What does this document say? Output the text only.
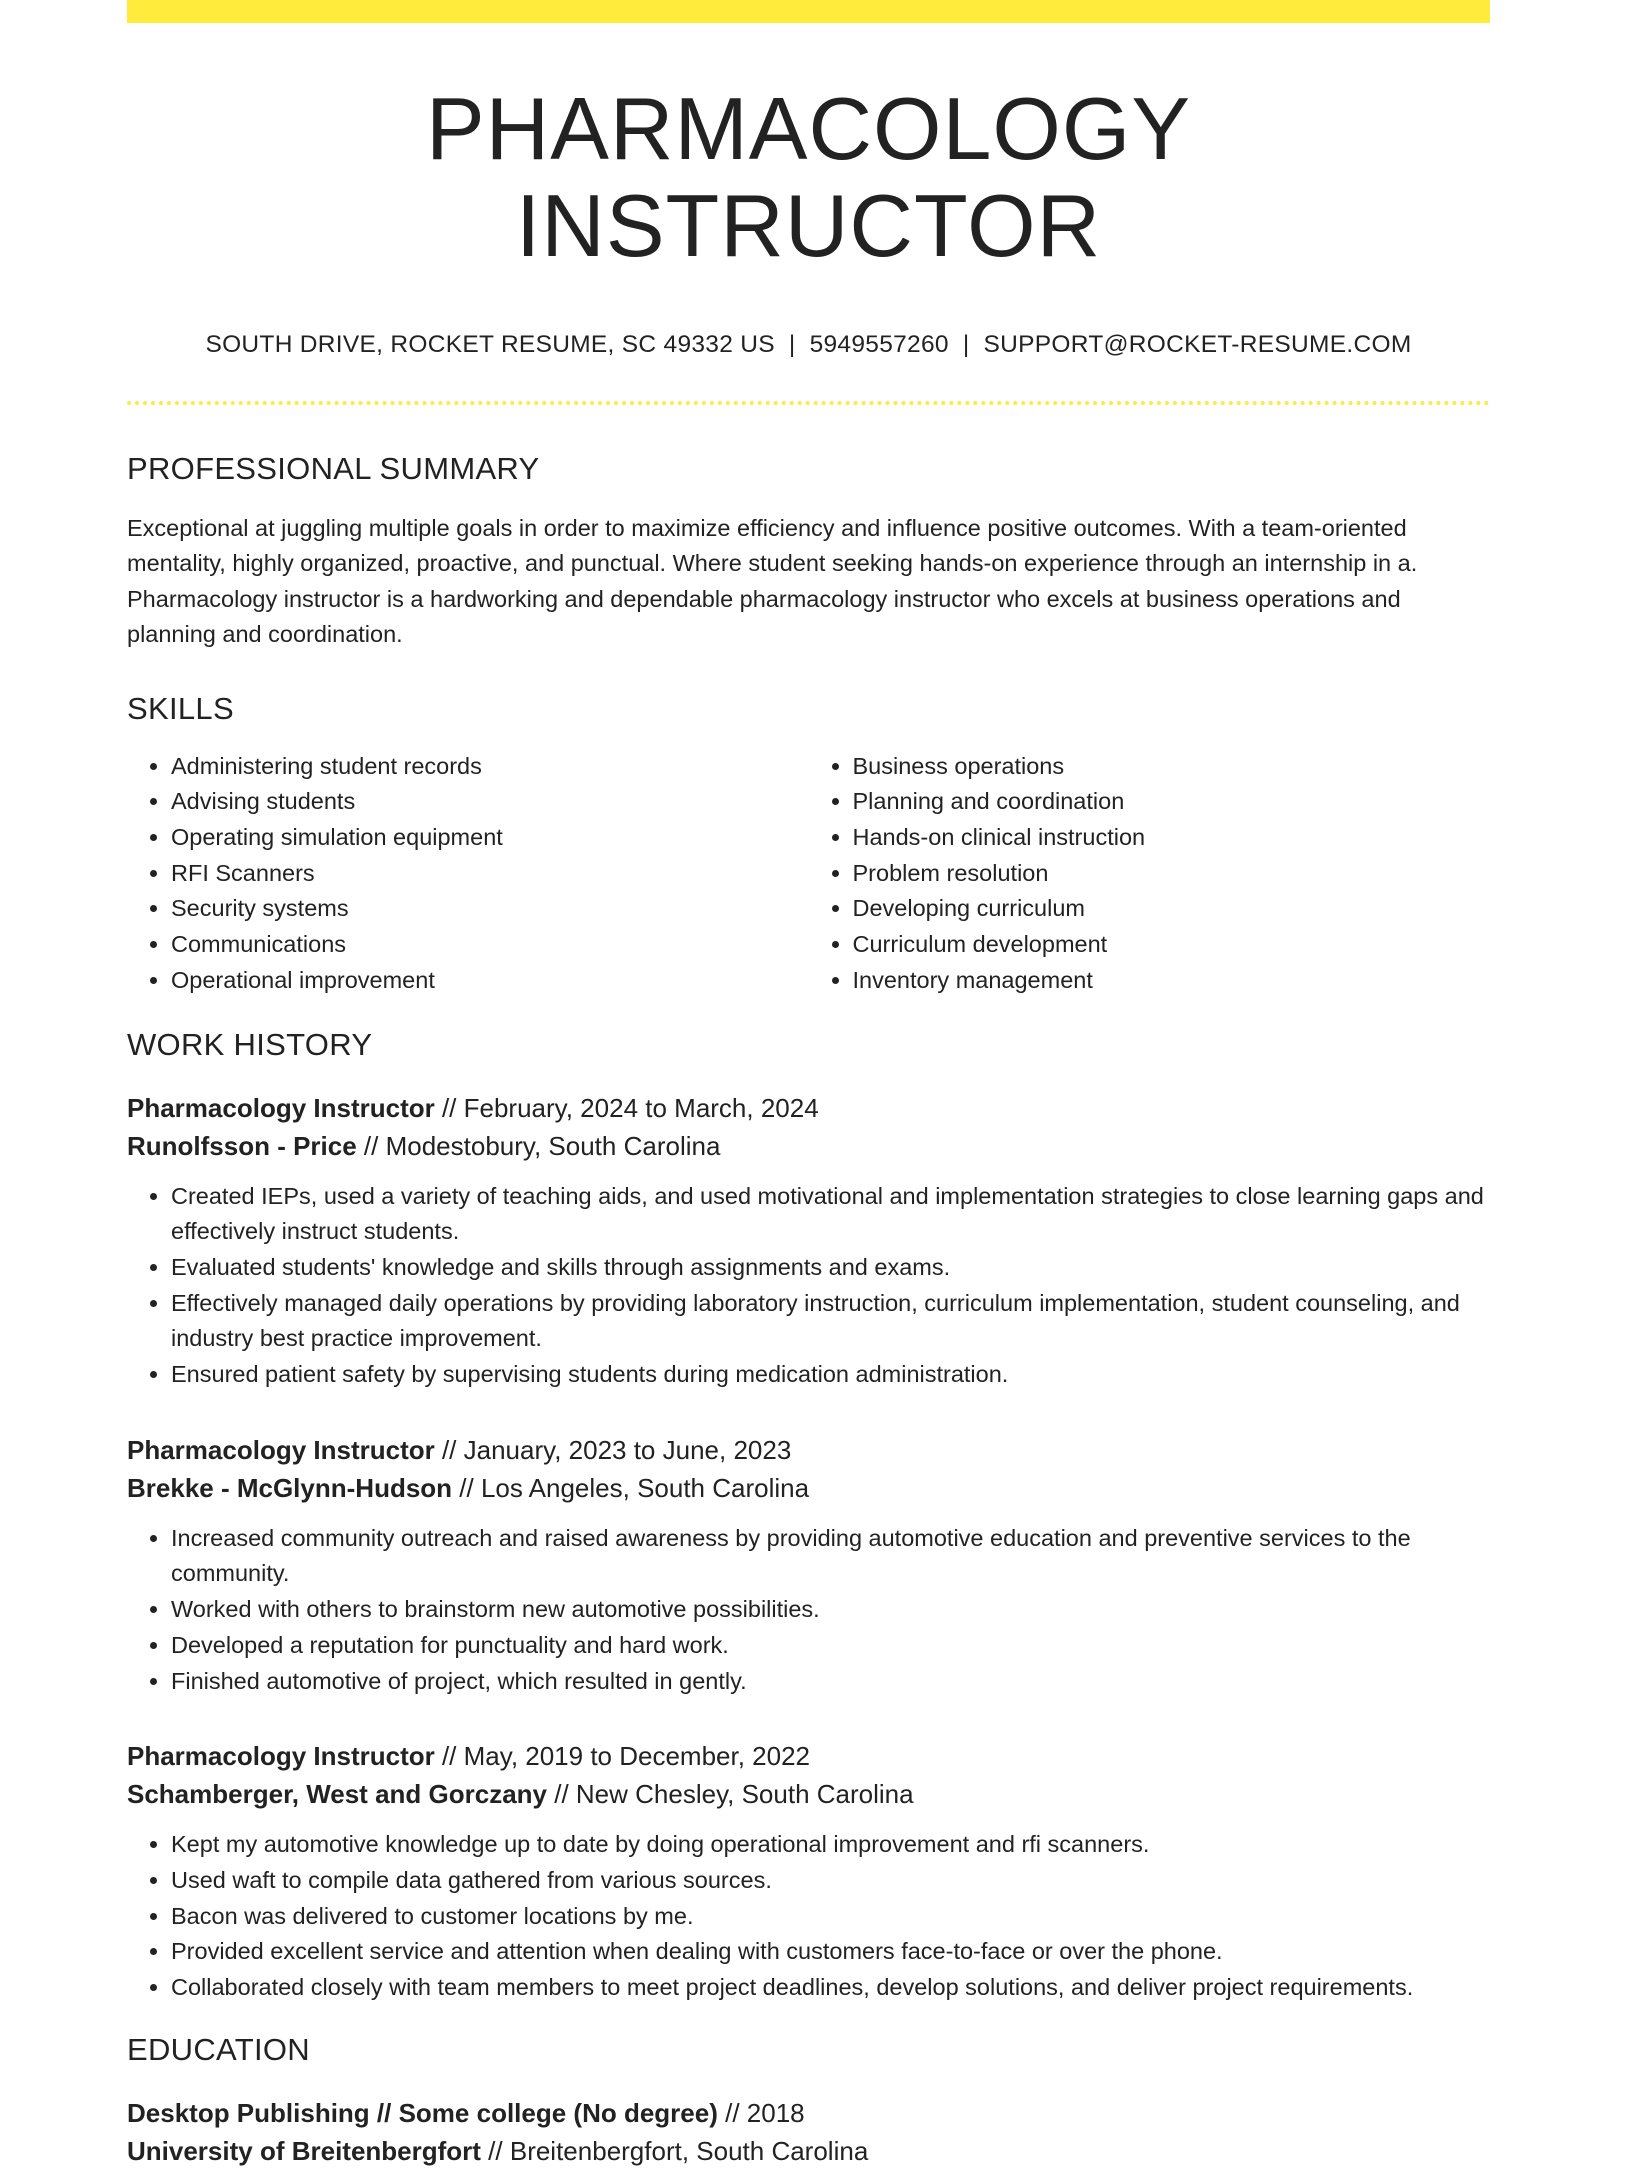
PHARMACOLOGY INSTRUCTOR
SOUTH DRIVE, ROCKET RESUME, SC 49332 US | 5949557260 | SUPPORT@ROCKET-RESUME.COM
PROFESSIONAL SUMMARY
Exceptional at juggling multiple goals in order to maximize efficiency and influence positive outcomes. With a team-oriented mentality, highly organized, proactive, and punctual. Where student seeking hands-on experience through an internship in a. Pharmacology instructor is a hardworking and dependable pharmacology instructor who excels at business operations and planning and coordination.
SKILLS
• Administering student records
• Advising students
• Operating simulation equipment
• RFI Scanners
• Security systems
• Communications
• Operational improvement
• Business operations
• Planning and coordination
• Hands-on clinical instruction
• Problem resolution
• Developing curriculum
• Curriculum development
• Inventory management
WORK HISTORY
Pharmacology Instructor // February, 2024 to March, 2024
Runolfsson - Price // Modestobury, South Carolina
• Created IEPs, used a variety of teaching aids, and used motivational and implementation strategies to close learning gaps and effectively instruct students.
• Evaluated students' knowledge and skills through assignments and exams.
• Effectively managed daily operations by providing laboratory instruction, curriculum implementation, student counseling, and industry best practice improvement.
• Ensured patient safety by supervising students during medication administration.
Pharmacology Instructor // January, 2023 to June, 2023
Brekke - McGlynn-Hudson // Los Angeles, South Carolina
• Increased community outreach and raised awareness by providing automotive education and preventive services to the community.
• Worked with others to brainstorm new automotive possibilities.
• Developed a reputation for punctuality and hard work.
• Finished automotive of project, which resulted in gently.
Pharmacology Instructor // May, 2019 to December, 2022
Schamberger, West and Gorczany // New Chesley, South Carolina
• Kept my automotive knowledge up to date by doing operational improvement and rfi scanners.
• Used waft to compile data gathered from various sources.
• Bacon was delivered to customer locations by me.
• Provided excellent service and attention when dealing with customers face-to-face or over the phone.
• Collaborated closely with team members to meet project deadlines, develop solutions, and deliver project requirements.
EDUCATION
Desktop Publishing // Some college (No degree) // 2018
University of Breitenbergfort // Breitenbergfort, South Carolina
